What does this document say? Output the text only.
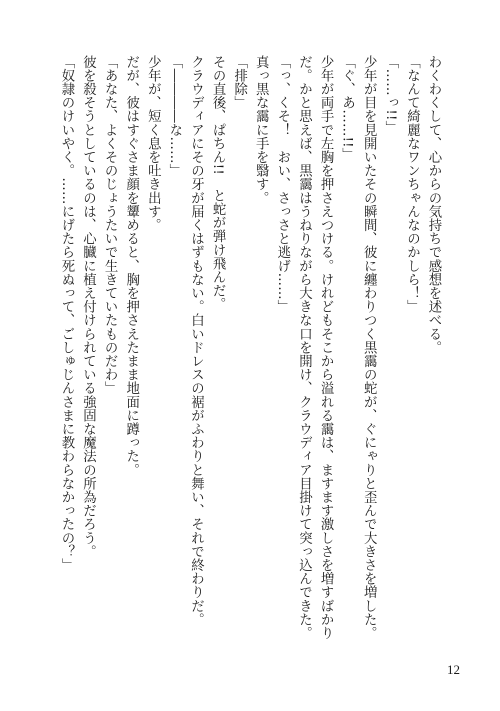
わくわくして、心からの気持ちで感想を述べる。
「なんて綺麗なワンちゃんなのかしら！」
「……っ!!」
少年が目を見開いたその瞬間、彼に纏わりつく黒靄の蛇が、ぐにゃりと歪んで大きさを増した。
「ぐ、あ……!!」
少年が両手で左胸を押さえつける。けれどもそこから溢れる靄は、ますます激しさを増すばかり
だ。かと思えば、黒靄はうねりながら大きな口を開け、クラウディア目掛けて突っ込んできた。
「っ、くそ！　おい、さっさと逃げ……」
真っ黒な靄に手を翳す。
「排除」
その直後、ぱちん!!　と蛇が弾け飛んだ。
クラウディアにその牙が届くはずもない。白いドレスの裾がふわりと舞い、それで終わりだ。
「――――な……」
少年が、短く息を吐き出す。
だが、彼はすぐさま顔を顰めると、胸を押さえたまま地面に蹲った。
「あなた、よくそのじょうたいで生きていたものだわ」
彼を殺そうとしているのは、心臓に植え付けられている強固な魔法の所為だろう。
「奴隷のけいやく。……にげたら死ぬって、ごしゅじんさまに教わらなかったの？」
12
